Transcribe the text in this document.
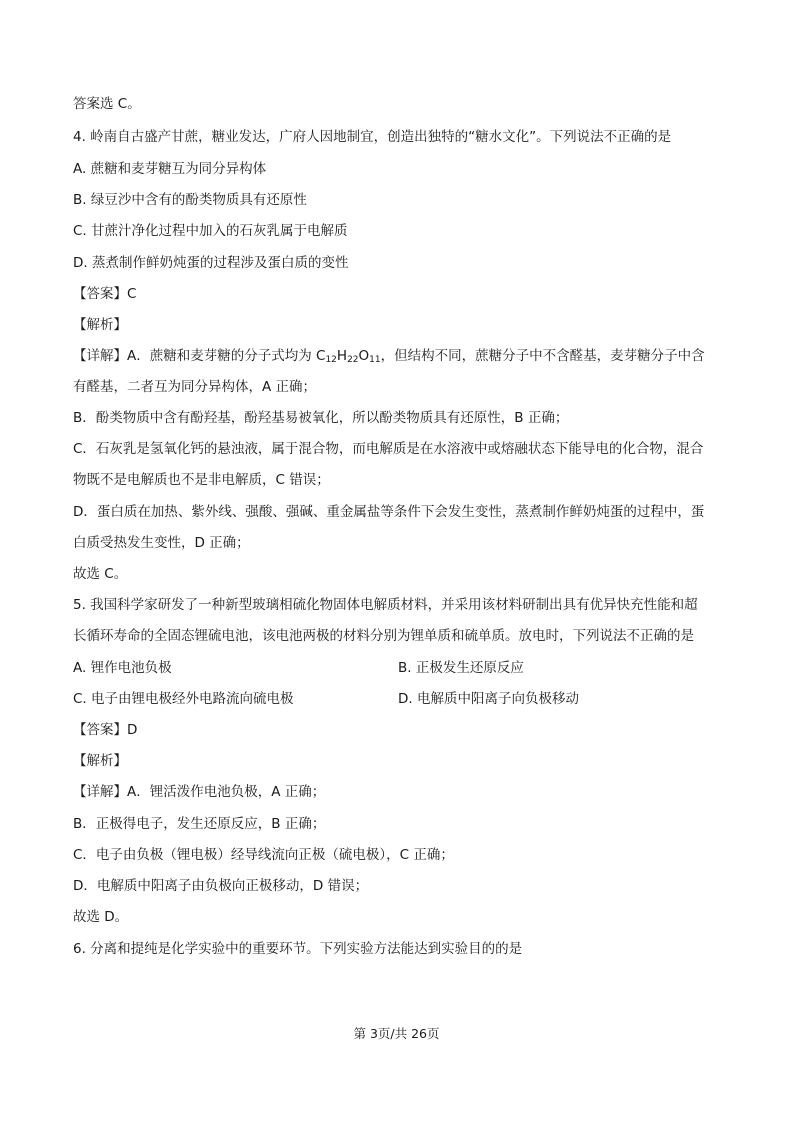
答案选 C。
4. 岭南自古盛产甘蔗，糖业发达，广府人因地制宜，创造出独特的“糖水文化”。下列说法不正确的是
A. 蔗糖和麦芽糖互为同分异构体
B. 绿豆沙中含有的酚类物质具有还原性
C. 甘蔗汁净化过程中加入的石灰乳属于电解质
D. 蒸煮制作鲜奶炖蛋的过程涉及蛋白质的变性
【答案】C
【解析】
【详解】A．蔗糖和麦芽糖的分子式均为 $C_{12}H_{22}O_{11}$，但结构不同，蔗糖分子中不含醛基，麦芽糖分子中含
有醛基，二者互为同分异构体，A 正确；
B．酚类物质中含有酚羟基，酚羟基易被氧化，所以酚类物质具有还原性，B 正确；
C．石灰乳是氢氧化钙的悬浊液，属于混合物，而电解质是在水溶液中或熔融状态下能导电的化合物，混合
物既不是电解质也不是非电解质，C 错误；
D．蛋白质在加热、紫外线、强酸、强碱、重金属盐等条件下会发生变性，蒸煮制作鲜奶炖蛋的过程中，蛋
白质受热发生变性，D 正确；
故选 C。
5. 我国科学家研发了一种新型玻璃相硫化物固体电解质材料，并采用该材料研制出具有优异快充性能和超
长循环寿命的全固态锂硫电池，该电池两极的材料分别为锂单质和硫单质。放电时，下列说法不正确的是
A. 锂作电池负极	B. 正极发生还原反应
C. 电子由锂电极经外电路流向硫电极	D. 电解质中阳离子向负极移动
【答案】D
【解析】
【详解】A．锂活泼作电池负极，A 正确；
B．正极得电子，发生还原反应，B 正确；
C．电子由负极（锂电极）经导线流向正极（硫电极），C 正确；
D．电解质中阳离子由负极向正极移动，D 错误；
故选 D。
6. 分离和提纯是化学实验中的重要环节。下列实验方法能达到实验目的的是
第 3页/共 26页
